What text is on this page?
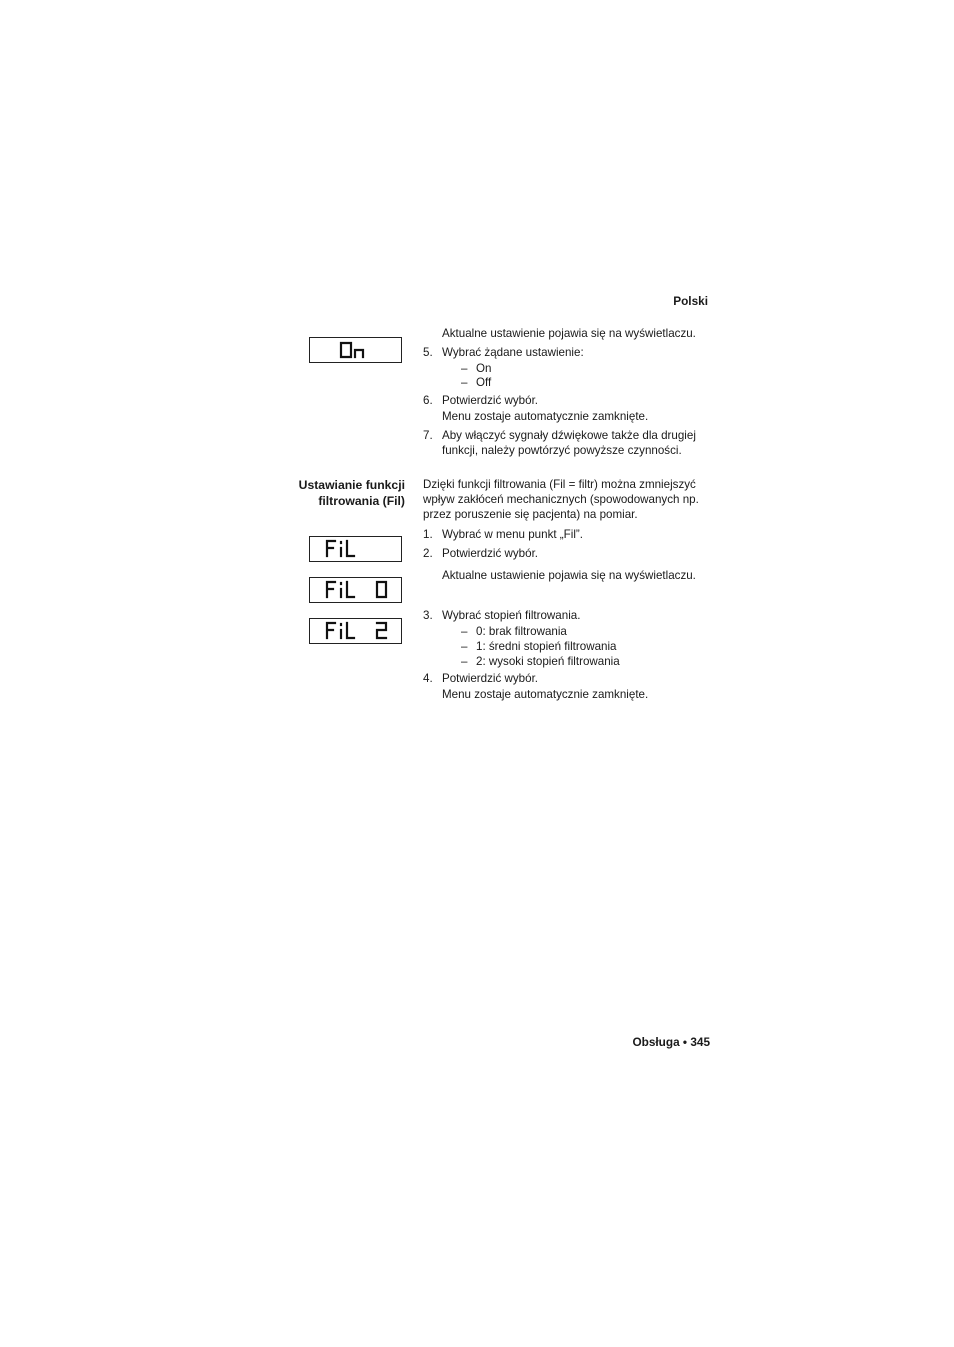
Polski
Obsługa • 345
Aktualne ustawienie pojawia się na wyświetlaczu.
5. Wybrać żądane ustawienie:
– On
– Off
6. Potwierdzić wybór.
Menu zostaje automatycznie zamknięte.
7. Aby włączyć sygnały dźwiękowe także dla drugiej
funkcji, należy powtórzyć powyższe czynności.
Ustawianie funkcji
filtrowania (Fil)
Dzięki funkcji filtrowania (Fil = filtr) można zmniejszyć
wpływ zakłóceń mechanicznych (spowodowanych np.
przez poruszenie się pacjenta) na pomiar.
1. Wybrać w menu punkt „Fil”.
2. Potwierdzić wybór.
Aktualne ustawienie pojawia się na wyświetlaczu.
3. Wybrać stopień filtrowania.
– 0: brak filtrowania
– 1: średni stopień filtrowania
– 2: wysoki stopień filtrowania
4. Potwierdzić wybór.
Menu zostaje automatycznie zamknięte.
